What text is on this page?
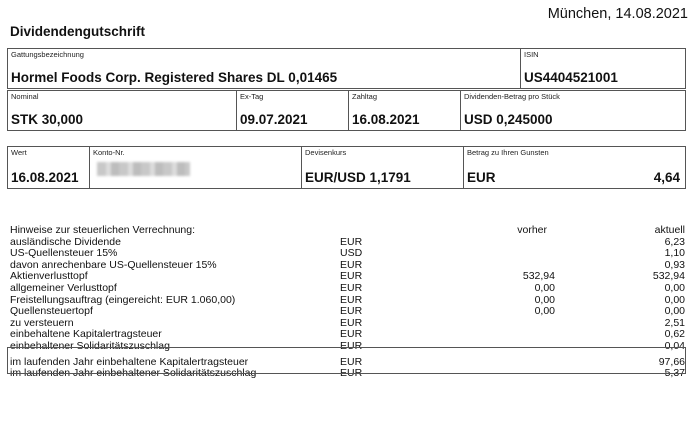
München, 14.08.2021
Dividendengutschrift
Gattungsbezeichnung
Hormel Foods Corp. Registered Shares DL 0,01465
ISIN
US4404521001
Nominal
STK 30,000
Ex-Tag
09.07.2021
Zahltag
16.08.2021
Dividenden-Betrag pro Stück
USD 0,245000
Wert
16.08.2021
Konto-Nr.	Devisenkurs
EUR/USD 1,1791
Betrag zu Ihren Gunsten
EUR	4,64
Hinweise zur steuerlichen Verrechnung:		vorher	aktuell
ausländische Dividende	EUR		6,23
US-Quellensteuer 15%	USD		1,10
davon anrechenbare US-Quellensteuer 15%	EUR		0,93
Aktienverlusttopf	EUR	532,94	532,94
allgemeiner Verlusttopf	EUR	0,00	0,00
Freistellungsauftrag (eingereicht: EUR 1.060,00)	EUR	0,00	0,00
Quellensteuertopf	EUR	0,00	0,00
zu versteuern	EUR		2,51
einbehaltene Kapitalertragsteuer	EUR		0,62
einbehaltener Solidaritätszuschlag	EUR		0,04

im laufenden Jahr einbehaltene Kapitalertragsteuer	EUR		97,66
im laufenden Jahr einbehaltener Solidaritätszuschlag	EUR		5,37
